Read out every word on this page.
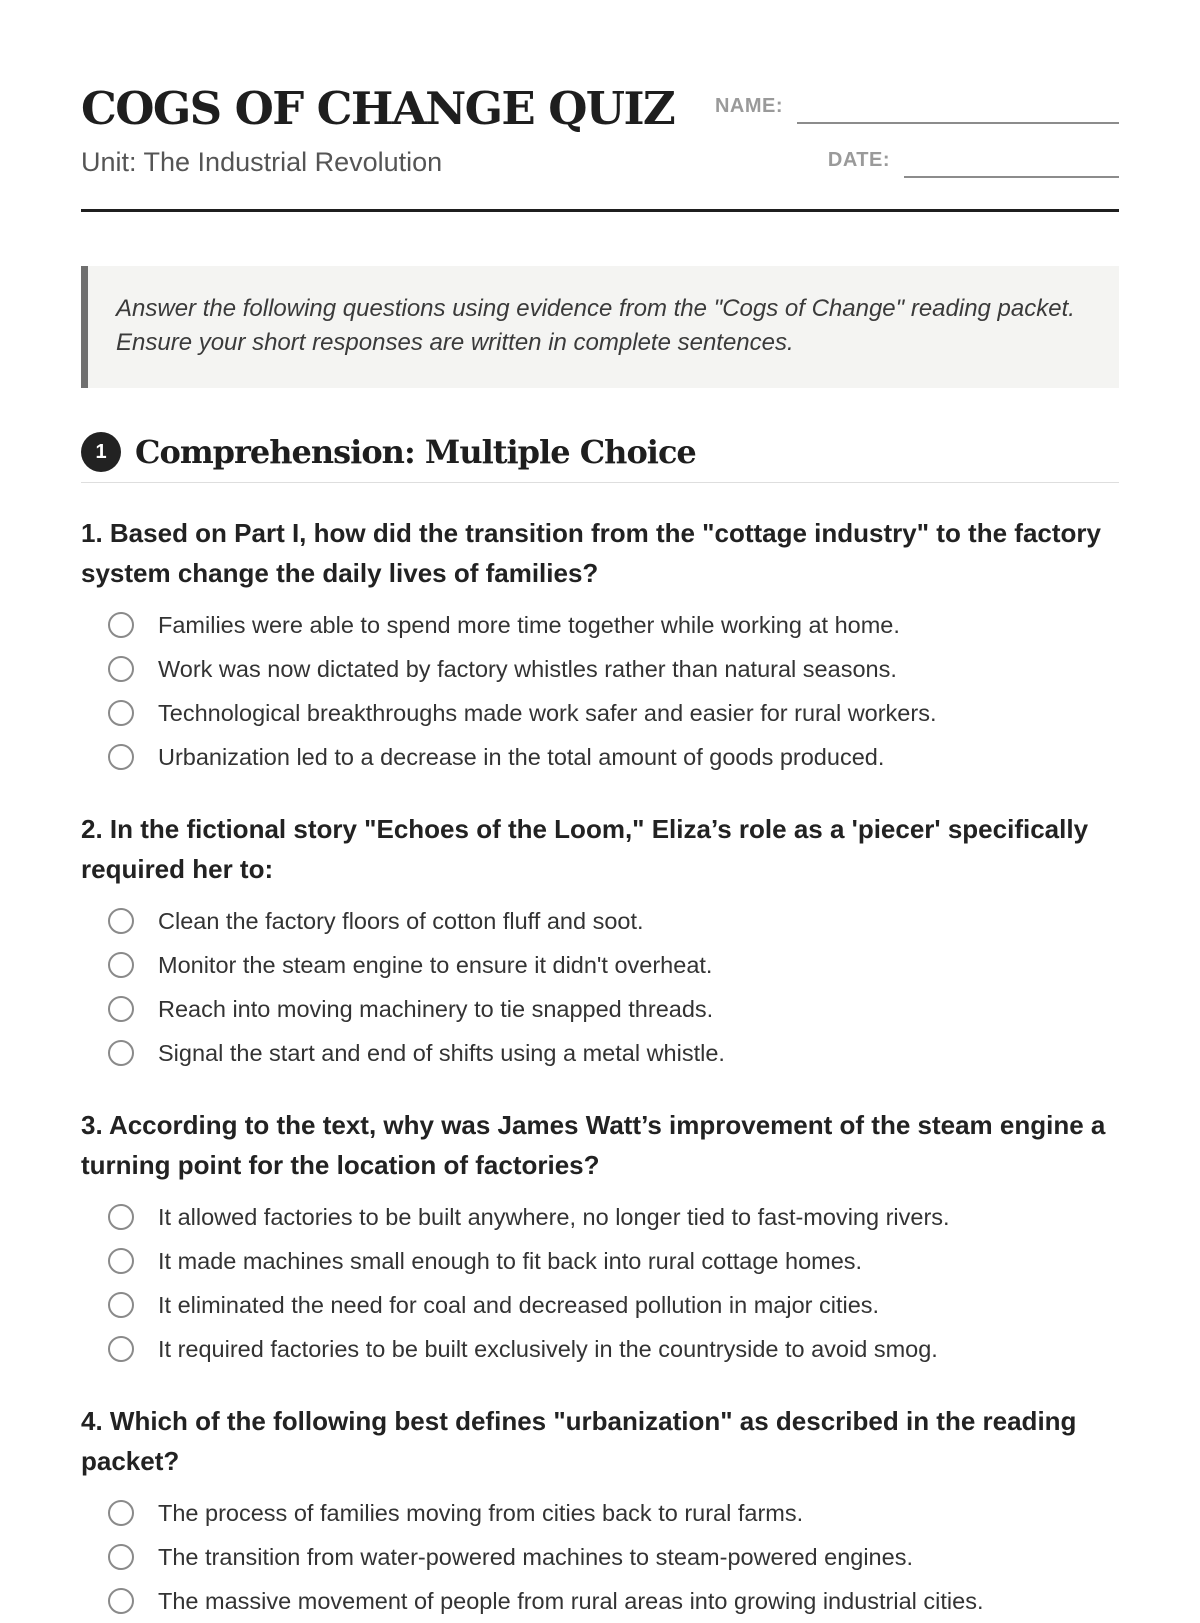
COGS OF CHANGE QUIZ

Unit: The Industrial Revolution

NAME:
DATE:

Answer the following questions using evidence from the "Cogs of Change" reading packet. Ensure your short responses are written in complete sentences.

1 Comprehension: Multiple Choice

1. Based on Part I, how did the transition from the "cottage industry" to the factory system change the daily lives of families?

Families were able to spend more time together while working at home.
Work was now dictated by factory whistles rather than natural seasons.
Technological breakthroughs made work safer and easier for rural workers.
Urbanization led to a decrease in the total amount of goods produced.

2. In the fictional story "Echoes of the Loom," Eliza’s role as a 'piecer' specifically required her to:

Clean the factory floors of cotton fluff and soot.
Monitor the steam engine to ensure it didn't overheat.
Reach into moving machinery to tie snapped threads.
Signal the start and end of shifts using a metal whistle.

3. According to the text, why was James Watt’s improvement of the steam engine a turning point for the location of factories?

It allowed factories to be built anywhere, no longer tied to fast-moving rivers.
It made machines small enough to fit back into rural cottage homes.
It eliminated the need for coal and decreased pollution in major cities.
It required factories to be built exclusively in the countryside to avoid smog.

4. Which of the following best defines "urbanization" as described in the reading packet?

The process of families moving from cities back to rural farms.
The transition from water-powered machines to steam-powered engines.
The massive movement of people from rural areas into growing industrial cities.
